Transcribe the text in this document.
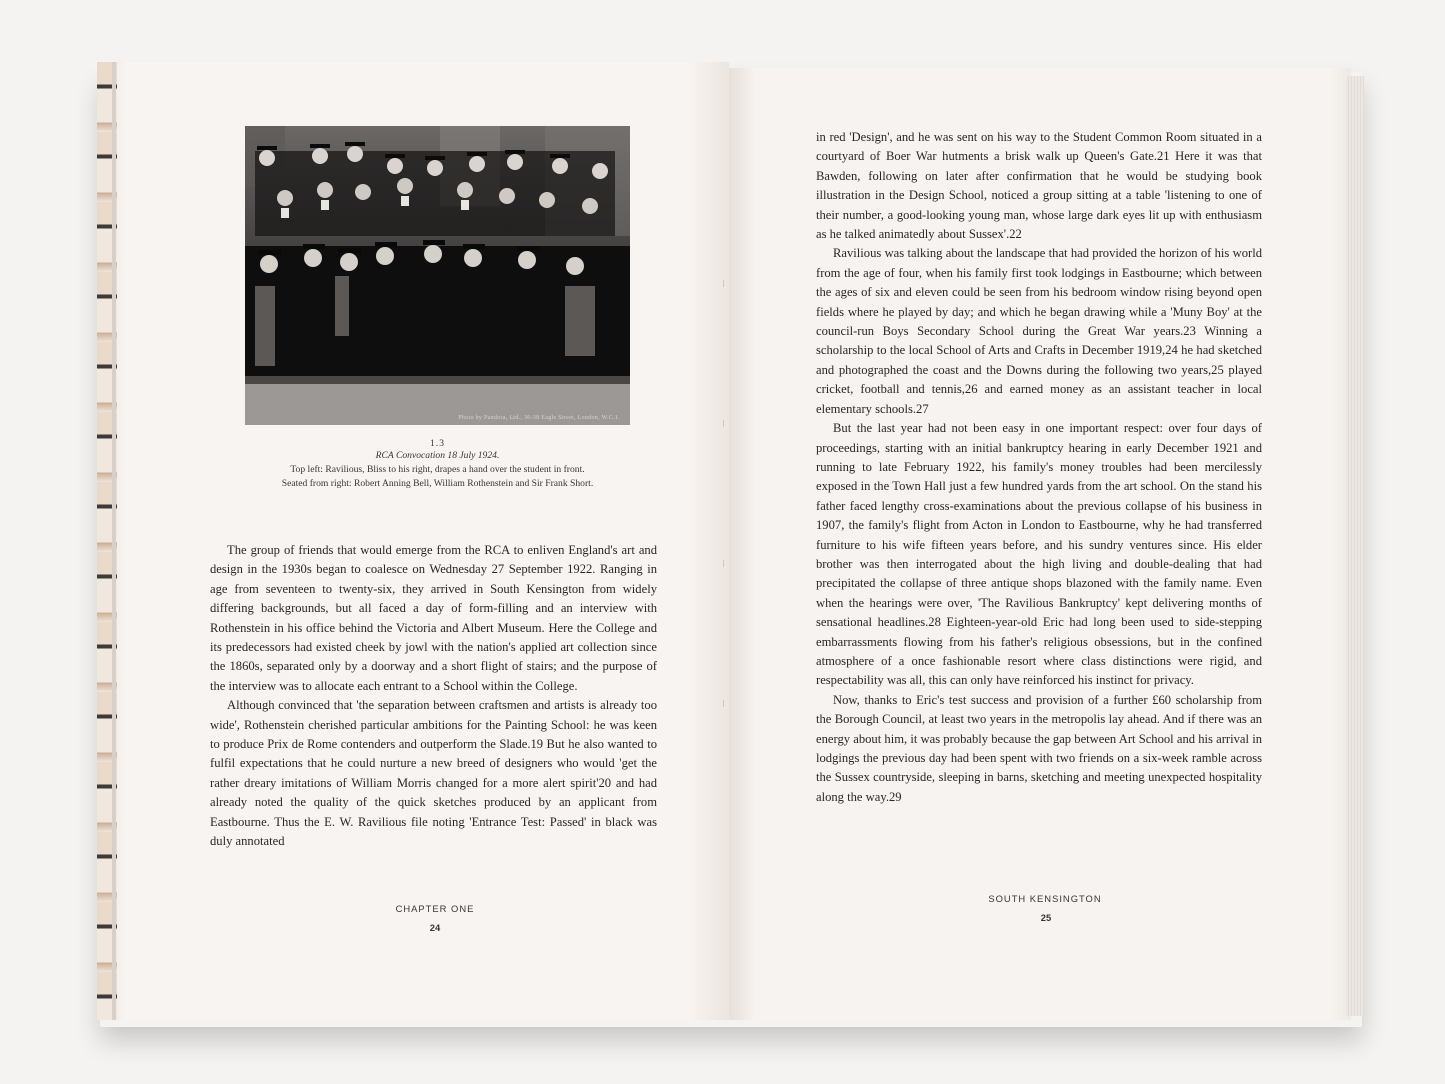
Photo by Pandora, Ltd., 36-38 Eagle Street, London, W.C.1.
1.3
RCA Convocation 18 July 1924.
Top left: Ravilious, Bliss to his right, drapes a hand over the student in front.
Seated from right: Robert Anning Bell, William Rothenstein and Sir Frank Short.

The group of friends that would emerge from the RCA to enliven England's art and design in the 1930s began to coalesce on Wednesday 27 September 1922. Ranging in age from seventeen to twenty-six, they arrived in South Kensington from widely differing backgrounds, but all faced a day of form-filling and an interview with Rothenstein in his office behind the Victoria and Albert Museum. Here the College and its predecessors had existed cheek by jowl with the nation's applied art collection since the 1860s, separated only by a doorway and a short flight of stairs; and the purpose of the interview was to allocate each entrant to a School within the College.

Although convinced that 'the separation between craftsmen and artists is already too wide', Rothenstein cherished particular ambitions for the Painting School: he was keen to produce Prix de Rome contenders and outperform the Slade.19 But he also wanted to fulfil expectations that he could nurture a new breed of designers who would 'get the rather dreary imitations of William Morris changed for a more alert spirit'20 and had already noted the quality of the quick sketches produced by an applicant from Eastbourne. Thus the E. W. Ravilious file noting 'Entrance Test: Passed' in black was duly annotated

CHAPTER ONE
24

in red 'Design', and he was sent on his way to the Student Common Room situated in a courtyard of Boer War hutments a brisk walk up Queen's Gate.21 Here it was that Bawden, following on later after confirmation that he would be studying book illustration in the Design School, noticed a group sitting at a table 'listening to one of their number, a good-looking young man, whose large dark eyes lit up with enthusiasm as he talked animatedly about Sussex'.22

Ravilious was talking about the landscape that had provided the horizon of his world from the age of four, when his family first took lodgings in Eastbourne; which between the ages of six and eleven could be seen from his bedroom window rising beyond open fields where he played by day; and which he began drawing while a 'Muny Boy' at the council-run Boys Secondary School during the Great War years.23 Winning a scholarship to the local School of Arts and Crafts in December 1919,24 he had sketched and photographed the coast and the Downs during the following two years,25 played cricket, football and tennis,26 and earned money as an assistant teacher in local elementary schools.27

But the last year had not been easy in one important respect: over four days of proceedings, starting with an initial bankruptcy hearing in early December 1921 and running to late February 1922, his family's money troubles had been mercilessly exposed in the Town Hall just a few hundred yards from the art school. On the stand his father faced lengthy cross-examinations about the previous collapse of his business in 1907, the family's flight from Acton in London to Eastbourne, why he had transferred furniture to his wife fifteen years before, and his sundry ventures since. His elder brother was then interrogated about the high living and double-dealing that had precipitated the collapse of three antique shops blazoned with the family name. Even when the hearings were over, 'The Ravilious Bankruptcy' kept delivering months of sensational headlines.28 Eighteen-year-old Eric had long been used to side-stepping embarrassments flowing from his father's religious obsessions, but in the confined atmosphere of a once fashionable resort where class distinctions were rigid, and respectability was all, this can only have reinforced his instinct for privacy.

Now, thanks to Eric's test success and provision of a further £60 scholarship from the Borough Council, at least two years in the metropolis lay ahead. And if there was an energy about him, it was probably because the gap between Art School and his arrival in lodgings the previous day had been spent with two friends on a six-week ramble across the Sussex countryside, sleeping in barns, sketching and meeting unexpected hospitality along the way.29

SOUTH KENSINGTON
25
